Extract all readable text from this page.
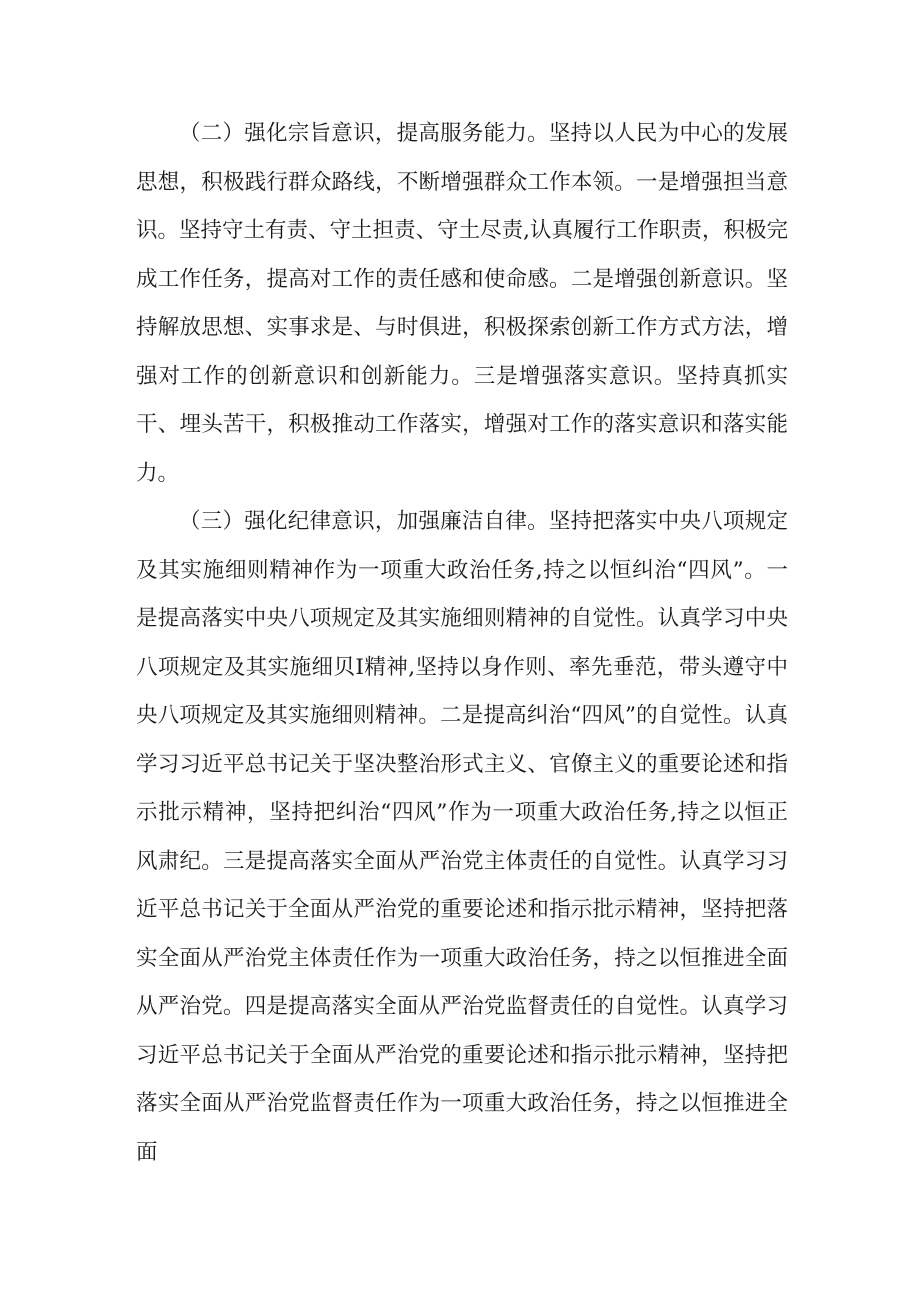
（二）强化宗旨意识，提高服务能力。坚持以人民为中心的发展思想，积极践行群众路线，不断增强群众工作本领。一是增强担当意识。坚持守土有责、守土担责、守土尽责,认真履行工作职责，积极完成工作任务，提高对工作的责任感和使命感。二是增强创新意识。坚持解放思想、实事求是、与时俱进，积极探索创新工作方式方法，增强对工作的创新意识和创新能力。三是增强落实意识。坚持真抓实干、埋头苦干，积极推动工作落实，增强对工作的落实意识和落实能力。

（三）强化纪律意识，加强廉洁自律。坚持把落实中央八项规定及其实施细则精神作为一项重大政治任务,持之以恒纠治“四风”。一是提高落实中央八项规定及其实施细则精神的自觉性。认真学习中央八项规定及其实施细贝I精神,坚持以身作则、率先垂范，带头遵守中央八项规定及其实施细则精神。二是提高纠治“四风”的自觉性。认真学习习近平总书记关于坚决整治形式主义、官僚主义的重要论述和指示批示精神，坚持把纠治“四风”作为一项重大政治任务,持之以恒正风肃纪。三是提高落实全面从严治党主体责任的自觉性。认真学习习近平总书记关于全面从严治党的重要论述和指示批示精神，坚持把落实全面从严治党主体责任作为一项重大政治任务，持之以恒推进全面从严治党。四是提高落实全面从严治党监督责任的自觉性。认真学习习近平总书记关于全面从严治党的重要论述和指示批示精神，坚持把落实全面从严治党监督责任作为一项重大政治任务，持之以恒推进全面
